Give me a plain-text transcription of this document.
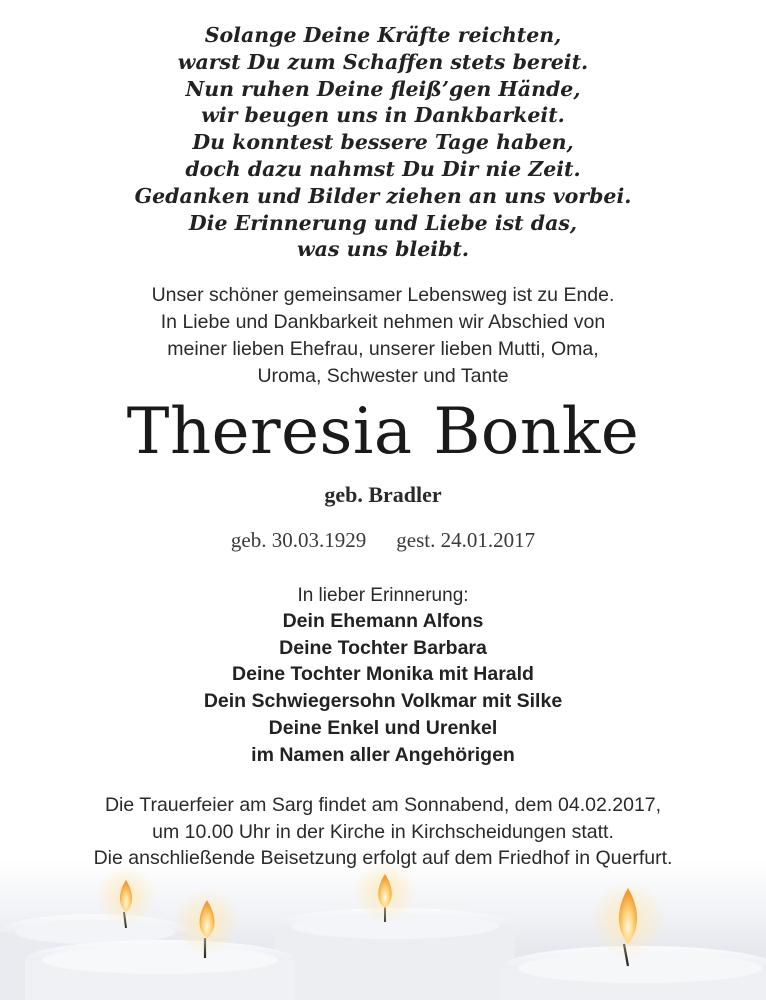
Solange Deine Kräfte reichten,
warst Du zum Schaffen stets bereit.
Nun ruhen Deine fleiß’gen Hände,
wir beugen uns in Dankbarkeit.
Du konntest bessere Tage haben,
doch dazu nahmst Du Dir nie Zeit.
Gedanken und Bilder ziehen an uns vorbei.
Die Erinnerung und Liebe ist das,
was uns bleibt.
Unser schöner gemeinsamer Lebensweg ist zu Ende.
In Liebe und Dankbarkeit nehmen wir Abschied von
meiner lieben Ehefrau, unserer lieben Mutti, Oma,
Uroma, Schwester und Tante
Theresia Bonke
geb. Bradler
geb. 30.03.1929 gest. 24.01.2017
In lieber Erinnerung:
Dein Ehemann Alfons
Deine Tochter Barbara
Deine Tochter Monika mit Harald
Dein Schwiegersohn Volkmar mit Silke
Deine Enkel und Urenkel
im Namen aller Angehörigen
Die Trauerfeier am Sarg findet am Sonnabend, dem 04.02.2017,
um 10.00 Uhr in der Kirche in Kirchscheidungen statt.
Die anschließende Beisetzung erfolgt auf dem Friedhof in Querfurt.
